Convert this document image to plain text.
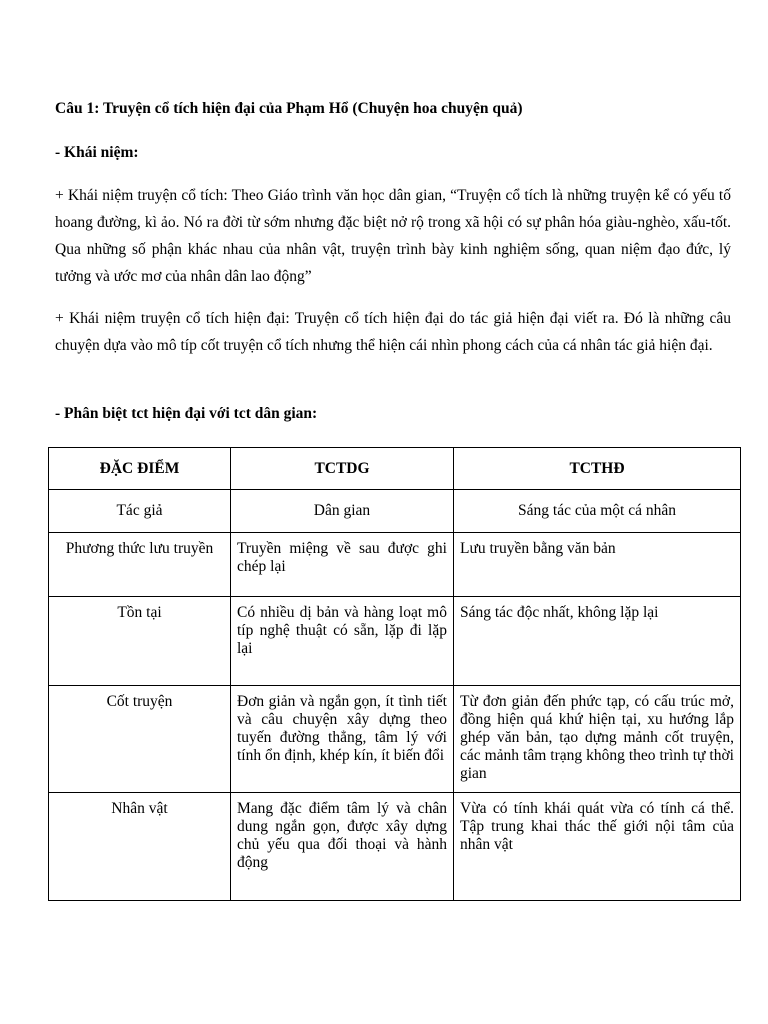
Câu 1: Truyện cổ tích hiện đại của Phạm Hổ (Chuyện hoa chuyện quả)
- Khái niệm:
+ Khái niệm truyện cổ tích: Theo Giáo trình văn học dân gian, “Truyện cổ tích là những truyện kể có yếu tố hoang đường, kì ảo. Nó ra đời từ sớm nhưng đặc biệt nở rộ trong xã hội có sự phân hóa giàu-nghèo, xấu-tốt. Qua những số phận khác nhau của nhân vật, truyện trình bày kinh nghiệm sống, quan niệm đạo đức, lý tưởng và ước mơ của nhân dân lao động”
+ Khái niệm truyện cổ tích hiện đại: Truyện cổ tích hiện đại do tác giả hiện đại viết ra. Đó là những câu chuyện dựa vào mô típ cốt truyện cổ tích nhưng thể hiện cái nhìn phong cách của cá nhân tác giả hiện đại.
- Phân biệt tct hiện đại với tct dân gian:
ĐẶC ĐIỂM	TCTDG	TCTHĐ
Tác giả	Dân gian	Sáng tác của một cá nhân

Phương thức lưu truyền	Truyền miệng về sau được ghi chép lại	Lưu truyền bằng văn bản

Tồn tại	Có nhiều dị bản và hàng loạt mô típ nghệ thuật có sẵn, lặp đi lặp lại	Sáng tác độc nhất, không lặp lại

Cốt truyện	Đơn giản và ngắn gọn, ít tình tiết và câu chuyện xây dựng theo tuyến đường thẳng, tâm lý với tính ổn định, khép kín, ít biến đổi	Từ đơn giản đến phức tạp, có cấu trúc mở, đồng hiện quá khứ hiện tại, xu hướng lắp ghép văn bản, tạo dựng mảnh cốt truyện, các mảnh tâm trạng không theo trình tự thời gian

Nhân vật	Mang đặc điểm tâm lý và chân dung ngắn gọn, được xây dựng chủ yếu qua đối thoại và hành động	Vừa có tính khái quát vừa có tính cá thể. Tập trung khai thác thế giới nội tâm của nhân vật
